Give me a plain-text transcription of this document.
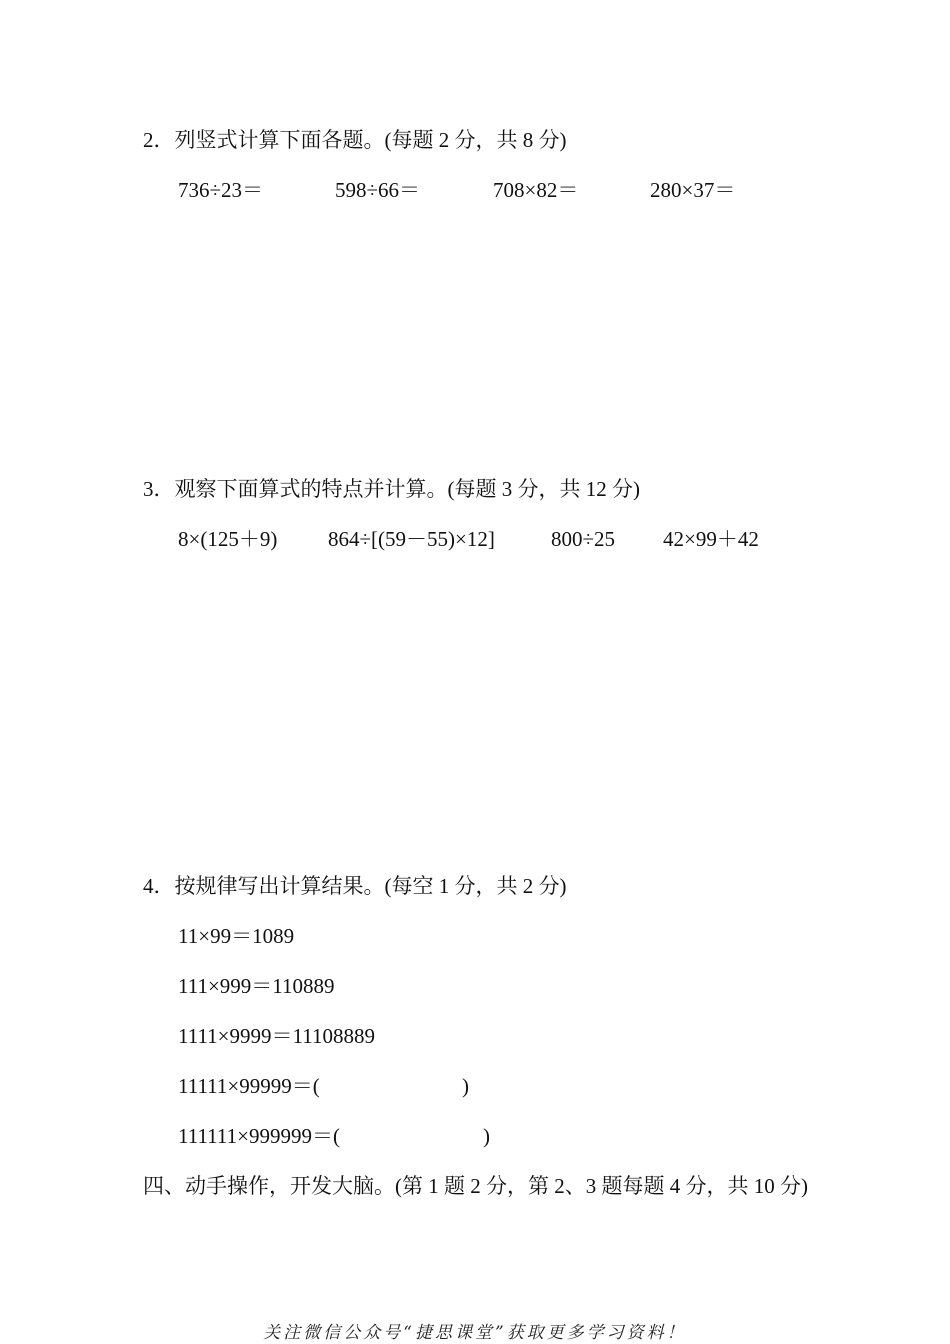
2．列竖式计算下面各题。(每题 2 分，共 8 分)
736÷23＝	598÷66＝	708×82＝	280×37＝
3．观察下面算式的特点并计算。(每题 3 分，共 12 分)
8×(125＋9) 864÷[(59－55)×12]	800÷25 42×99＋42
4．按规律写出计算结果。(每空 1 分，共 2 分)
11×99＝1089
111×999＝110889
1111×9999＝11108889
11111×99999＝(	)
111111×999999＝(	)
四、动手操作，开发大脑。(第 1 题 2 分，第 2、3 题每题 4 分，共 10 分)
关注微信公众号“捷思课堂”获取更多学习资料！
